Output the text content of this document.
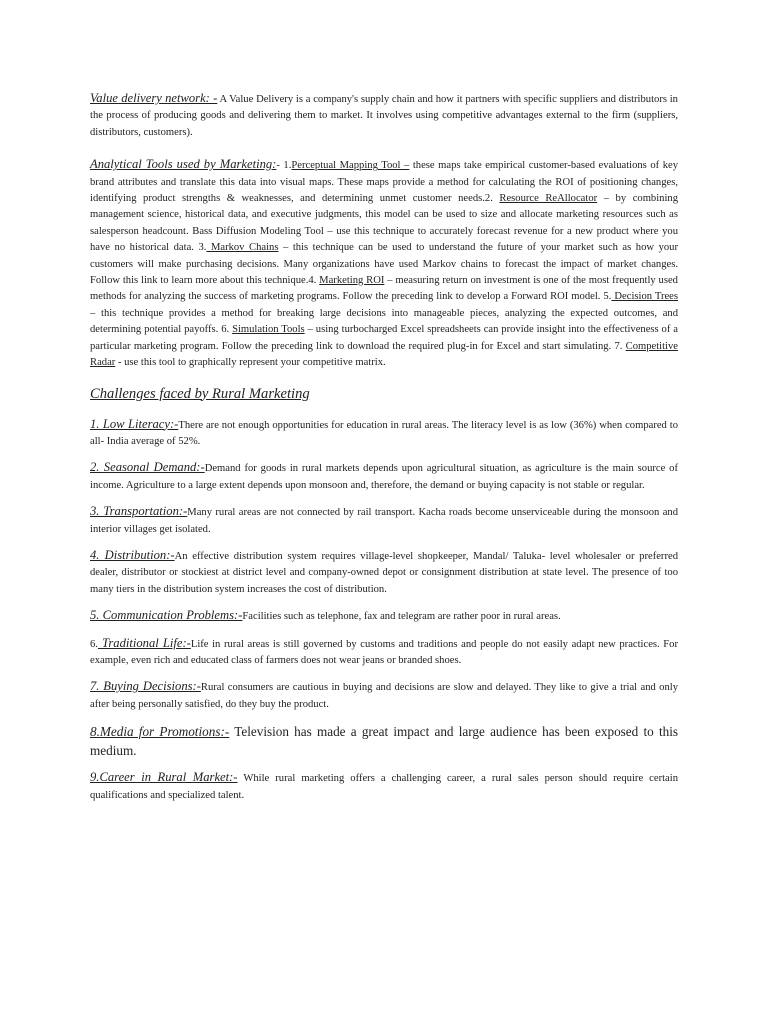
Value delivery network: - A Value Delivery is a company's supply chain and how it partners with specific suppliers and distributors in the process of producing goods and delivering them to market. It involves using competitive advantages external to the firm (suppliers, distributors, customers).

Analytical Tools used by Marketing:- 1.Perceptual Mapping Tool – these maps take empirical customer-based evaluations of key brand attributes and translate this data into visual maps. These maps provide a method for calculating the ROI of positioning changes, identifying product strengths & weaknesses, and determining unmet customer needs.2. Resource ReAllocator – by combining management science, historical data, and executive judgments, this model can be used to size and allocate marketing resources such as salesperson headcount. Bass Diffusion Modeling Tool – use this technique to accurately forecast revenue for a new product where you have no historical data. 3. Markov Chains – this technique can be used to understand the future of your market such as how your customers will make purchasing decisions. Many organizations have used Markov chains to forecast the impact of market changes. Follow this link to learn more about this technique.4. Marketing ROI – measuring return on investment is one of the most frequently used methods for analyzing the success of marketing programs. Follow the preceding link to develop a Forward ROI model. 5. Decision Trees – this technique provides a method for breaking large decisions into manageable pieces, analyzing the expected outcomes, and determining potential payoffs. 6. Simulation Tools – using turbocharged Excel spreadsheets can provide insight into the effectiveness of a particular marketing program. Follow the preceding link to download the required plug-in for Excel and start simulating. 7. Competitive Radar - use this tool to graphically represent your competitive matrix.

Challenges faced by Rural Marketing

1. Low Literacy:-There are not enough opportunities for education in rural areas. The literacy level is as low (36%) when compared to all- India average of 52%.

2. Seasonal Demand:-Demand for goods in rural markets depends upon agricultural situation, as agriculture is the main source of income. Agriculture to a large extent depends upon monsoon and, therefore, the demand or buying capacity is not stable or regular.

3. Transportation:-Many rural areas are not connected by rail transport. Kacha roads become unserviceable during the monsoon and interior villages get isolated.

4. Distribution:-An effective distribution system requires village-level shopkeeper, Mandal/ Taluka- level wholesaler or preferred dealer, distributor or stockiest at district level and company-owned depot or consignment distribution at state level. The presence of too many tiers in the distribution system increases the cost of distribution.

5. Communication Problems:-Facilities such as telephone, fax and telegram are rather poor in rural areas.

6. Traditional Life:-Life in rural areas is still governed by customs and traditions and people do not easily adapt new practices. For example, even rich and educated class of farmers does not wear jeans or branded shoes.

7. Buying Decisions:-Rural consumers are cautious in buying and decisions are slow and delayed. They like to give a trial and only after being personally satisfied, do they buy the product.

8.Media for Promotions:- Television has made a great impact and large audience has been exposed to this medium.

9.Career in Rural Market:- While rural marketing offers a challenging career, a rural sales person should require certain qualifications and specialized talent.
